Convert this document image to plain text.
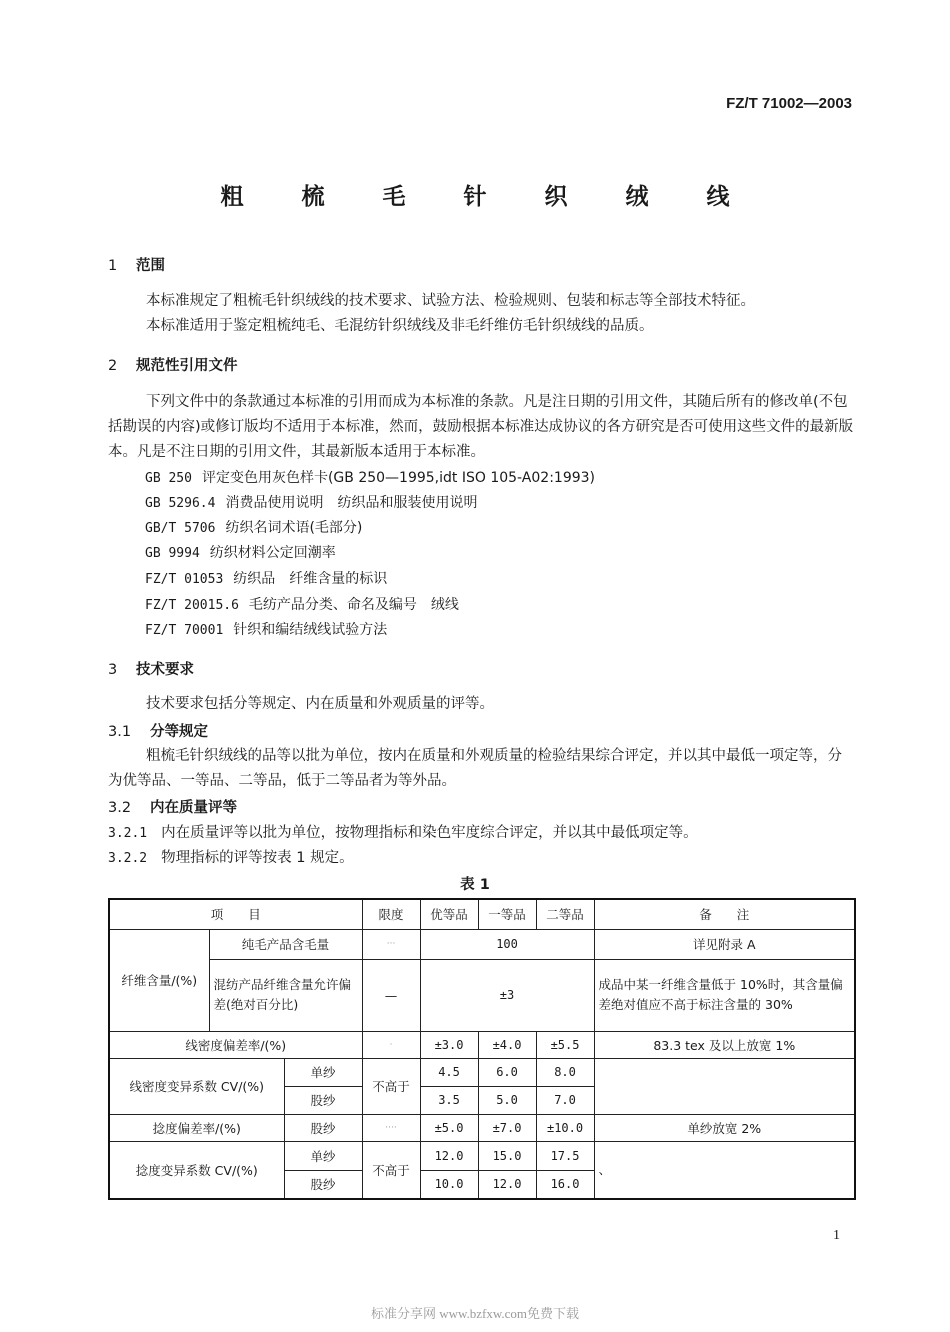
FZ/T 71002—2003
粗 梳 毛 针 织 绒 线
1 范围
本标准规定了粗梳毛针织绒线的技术要求、试验方法、检验规则、包装和标志等全部技术特征。
本标准适用于鉴定粗梳纯毛、毛混纺针织绒线及非毛纤维仿毛针织绒线的品质。
2 规范性引用文件
下列文件中的条款通过本标准的引用而成为本标准的条款。凡是注日期的引用文件，其随后所有的修改单(不包括勘误的内容)或修订版均不适用于本标准，然而，鼓励根据本标准达成协议的各方研究是否可使用这些文件的最新版本。凡是不注日期的引用文件，其最新版本适用于本标准。
GB 250 评定变色用灰色样卡(GB 250—1995,idt ISO 105-A02:1993)
GB 5296.4 消费品使用说明　纺织品和服装使用说明
GB/T 5706 纺织名词术语(毛部分)
GB 9994 纺织材料公定回潮率
FZ/T 01053 纺织品　纤维含量的标识
FZ/T 20015.6 毛纺产品分类、命名及编号　绒线
FZ/T 70001 针织和编结绒线试验方法
3 技术要求
技术要求包括分等规定、内在质量和外观质量的评等。
3.1 分等规定
粗梳毛针织绒线的品等以批为单位，按内在质量和外观质量的检验结果综合评定，并以其中最低一项定等，分为优等品、一等品、二等品，低于二等品者为等外品。
3.2 内在质量评等
3.2.1 内在质量评等以批为单位，按物理指标和染色牢度综合评定，并以其中最低项定等。
3.2.2 物理指标的评等按表 1 规定。
表 1
项　　目			限度	优等品	一等品	二等品	备　　注
纤维含量/(%)	纯毛产品含毛量		···	100			详见附录 A
	混纺产品纤维含量允许偏差(绝对百分比)		—	±3			成品中某一纤维含量低于 10%时，其含量偏差绝对值应不高于标注含量的 30%
线密度偏差率/(%)			·	±3.0	±4.0	±5.5	83.3 tex 及以上放宽 1%
线密度变异系数 CV/(%)		单纱	不高于	4.5	6.0	8.0	
		股纱		3.5	5.0	7.0	
捻度偏差率/(%)		股纱	····	±5.0	±7.0	±10.0	单纱放宽 2%
捻度变异系数 CV/(%)		单纱	不高于	12.0	15.0	17.5	、
		股纱		10.0	12.0	16.0	
1
标准分享网 www.bzfxw.com免费下载
